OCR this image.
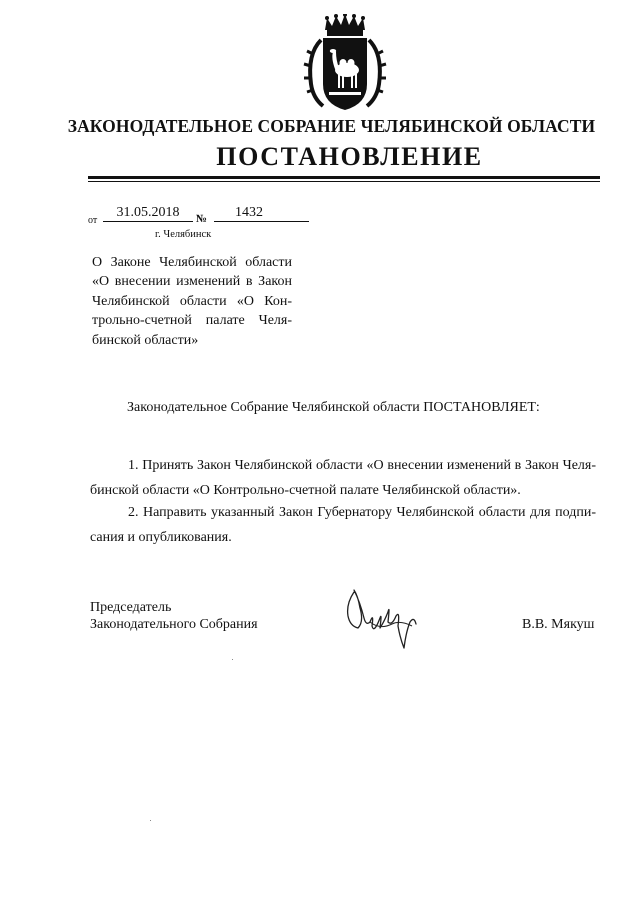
ЗАКОНОДАТЕЛЬНОЕ СОБРАНИЕ ЧЕЛЯБИНСКОЙ ОБЛАСТИ
ПОСТАНОВЛЕНИЕ
от
31.05.2018	№	1432
г. Челябинск
О Законе Челябинской области
«О внесении изменений в Закон
Челябинской области «О Кон-
трольно-счетной палате Челя-
бинской области»
Законодательное Собрание Челябинской области ПОСТАНОВЛЯЕТ:
1. Принять Закон Челябинской области «О внесении изменений в Закон Челя-
бинской области «О Контрольно-счетной палате Челябинской области».
2. Направить указанный Закон Губернатору Челябинской области для подпи-
сания и опубликования.
Председатель
Законодательного Собрания	В.В. Мякуш
